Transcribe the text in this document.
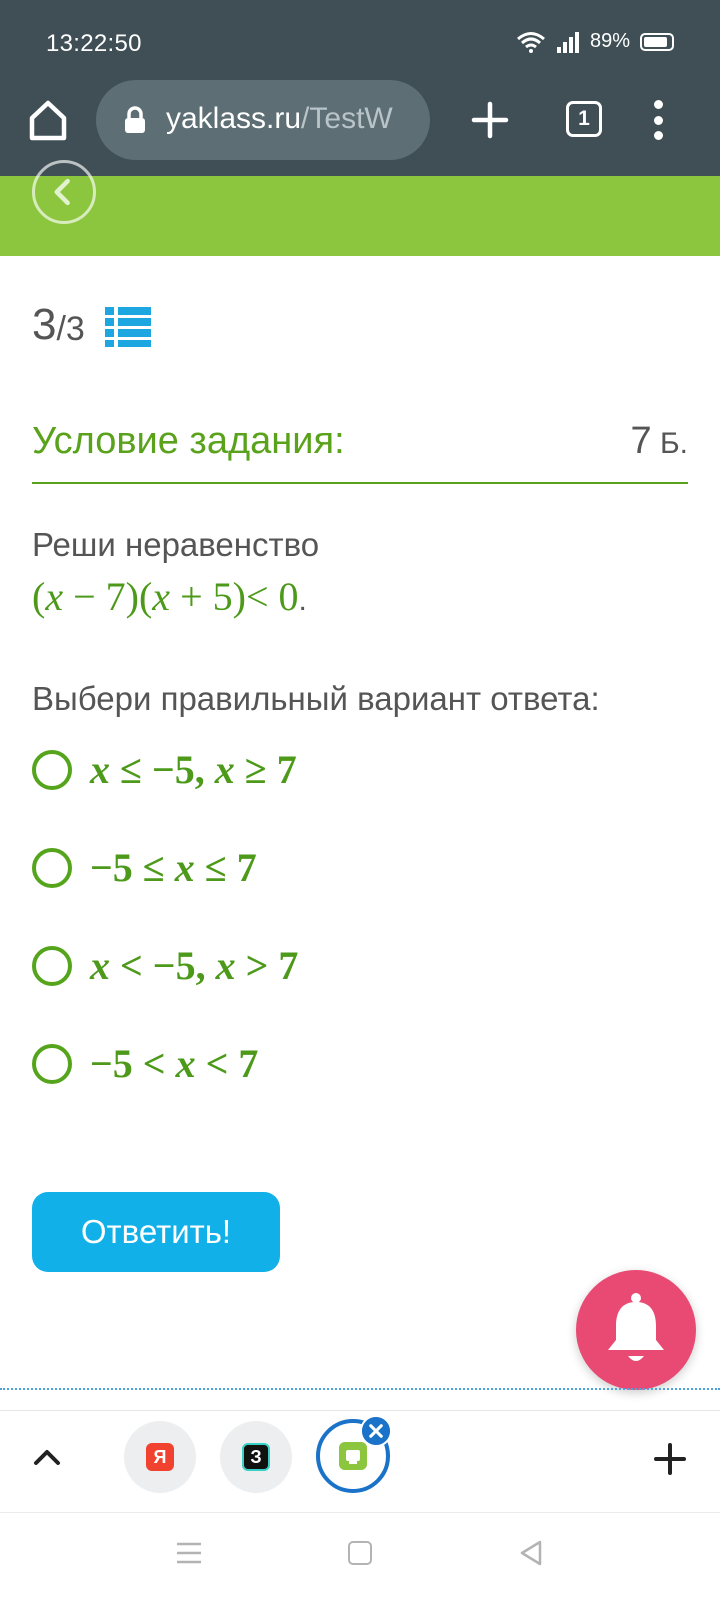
13:22:50	89%
yaklass.ru/TestW	1
3 /3
Условие задания:	7 Б.
Реши неравенство
(x − 7)(x + 5)< 0.
Выбери правильный вариант ответа:
x ≤ −5, x ≥ 7
−5 ≤ x ≤ 7
x < −5, x > 7
−5 < x < 7
Ответить!
Я	З
